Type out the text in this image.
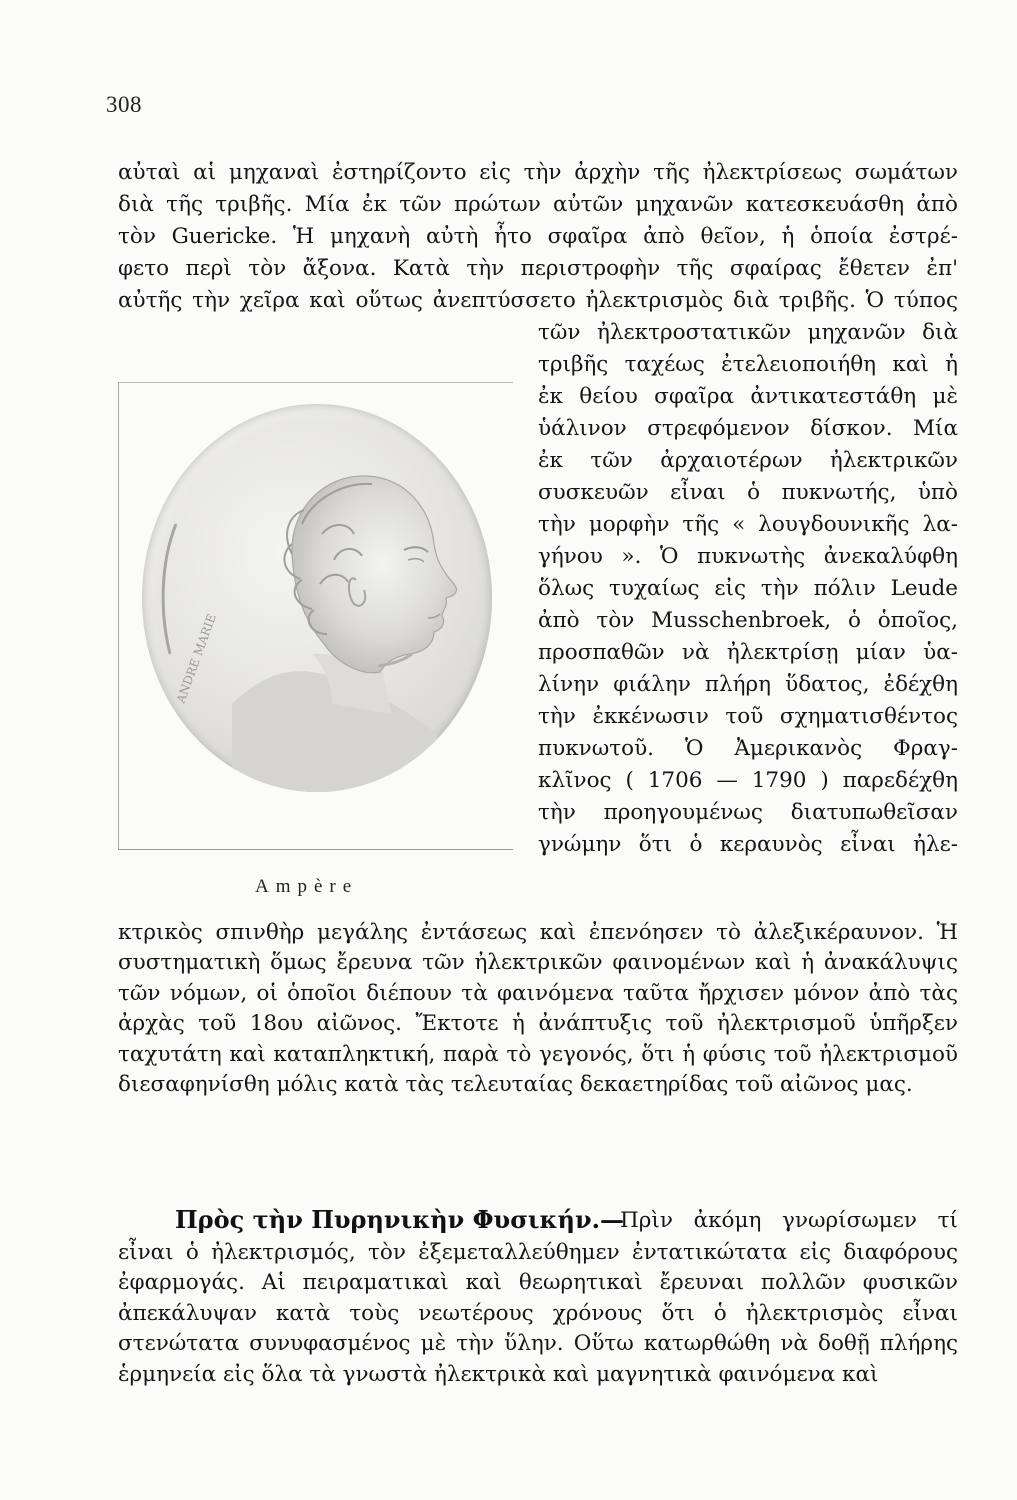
308
αὐταὶ αἱ μηχαναὶ ἐστηρίζοντο εἰς τὴν ἀρχὴν τῆς ἠλεκτρίσεως σωμάτων
διὰ τῆς τριβῆς. Μία ἐκ τῶν πρώτων αὐτῶν μηχανῶν κατεσκευάσθη ἀπὸ
τὸν Guericke. Ἡ μηχανὴ αὐτὴ ἦτο σφαῖρα ἀπὸ θεῖον, ἡ ὁποία ἐστρέ-
φετο περὶ τὸν ἄξονα. Κατὰ τὴν περιστροφὴν τῆς σφαίρας ἔθετεν ἐπ'
αὐτῆς τὴν χεῖρα καὶ οὕτως ἀνεπτύσσετο ἠλεκτρισμὸς διὰ τριβῆς. Ὁ τύπος
τῶν ἠλεκτροστατικῶν μηχανῶν διὰ
τριβῆς ταχέως ἐτελειοποιήθη καὶ ἡ
ἐκ θείου σφαῖρα ἀντικατεστάθη μὲ
ὑάλινον στρεφόμενον δίσκον. Μία
ἐκ τῶν ἀρχαιοτέρων ἠλεκτρικῶν
συσκευῶν εἶναι ὁ πυκνωτής, ὑπὸ
τὴν μορφὴν τῆς « λουγδουνικῆς λα-
γήνου ». Ὁ πυκνωτὴς ἀνεκαλύφθη
ὅλως τυχαίως εἰς τὴν πόλιν Leude
ἀπὸ τὸν Musschenbroek, ὁ ὁποῖος,
προσπαθῶν νὰ ἠλεκτρίσῃ μίαν ὑα-
λίνην φιάλην πλήρη ὕδατος, ἐδέχθη
τὴν ἐκκένωσιν τοῦ σχηματισθέντος
πυκνωτοῦ. Ὁ Ἀμερικανὸς Φραγ-
κλῖνος ( 1706 — 1790 ) παρεδέχθη
τὴν προηγουμένως διατυπωθεῖσαν
γνώμην ὅτι ὁ κεραυνὸς εἶναι ἠλε-
ANDRE MARIE
Ampère
κτρικὸς σπινθὴρ μεγάλης ἐντάσεως καὶ ἐπενόησεν τὸ ἀλεξικέραυνον. Ἡ συστηματικὴ ὅμως ἔρευνα τῶν ἠλεκτρικῶν φαινομένων καὶ ἡ ἀνακάλυψις τῶν νόμων, οἱ ὁποῖοι διέπουν τὰ φαινόμενα ταῦτα ἤρχισεν μόνον ἀπὸ τὰς ἀρχὰς τοῦ 18ου αἰῶνος. Ἔκτοτε ἡ ἀνάπτυξις τοῦ ἠλεκτρισμοῦ ὑπῆρξεν ταχυτάτη καὶ καταπληκτική, παρὰ τὸ γεγονός, ὅτι ἡ φύσις τοῦ ἠλεκτρισμοῦ διεσαφηνίσθη μόλις κατὰ τὰς τελευταίας δεκαετηρίδας τοῦ αἰῶνος μας.
Πρὸς τὴν Πυρηνικὴν Φυσικήν.—
Πρὶν ἀκόμη γνωρίσωμεν τί
εἶναι ὁ ἠλεκτρισμός, τὸν ἐξεμεταλλεύθημεν ἐντατικώτατα εἰς διαφόρους ἐφαρμογάς. Αἱ πειραματικαὶ καὶ θεωρητικαὶ ἔρευναι πολλῶν φυσικῶν ἀπεκάλυψαν κατὰ τοὺς νεωτέρους χρόνους ὅτι ὁ ἠλεκτρισμὸς εἶναι στενώτατα συνυφασμένος μὲ τὴν ὕλην. Οὕτω κατωρθώθη νὰ δοθῇ πλήρης ἑρμηνεία εἰς ὅλα τὰ γνωστὰ ἠλεκτρικὰ καὶ μαγνητικὰ φαινόμενα καὶ
